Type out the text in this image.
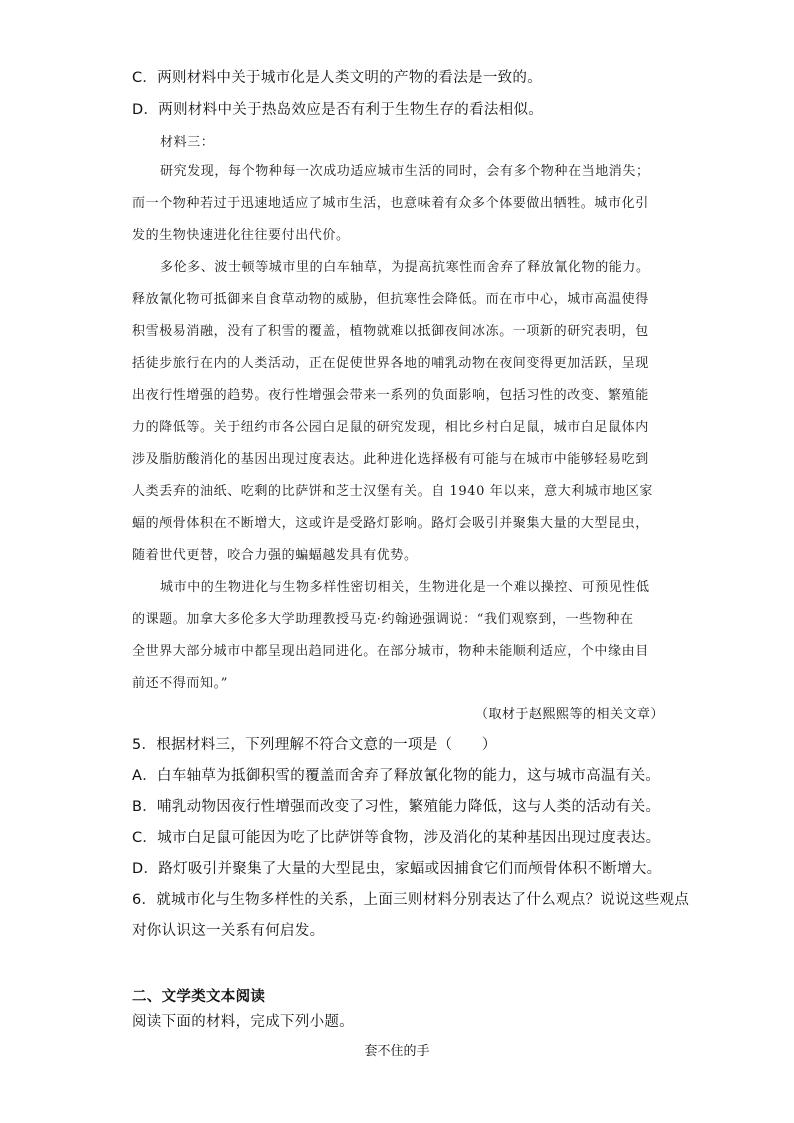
C．两则材料中关于城市化是人类文明的产物的看法是一致的。
D．两则材料中关于热岛效应是否有利于生物生存的看法相似。
材料三：
研究发现，每个物种每一次成功适应城市生活的同时，会有多个物种在当地消失；
而一个物种若过于迅速地适应了城市生活，也意味着有众多个体要做出牺牲。城市化引
发的生物快速进化往往要付出代价。
多伦多、波士顿等城市里的白车轴草，为提高抗寒性而舍弃了释放氰化物的能力。
释放氰化物可抵御来自食草动物的威胁，但抗寒性会降低。而在市中心，城市高温使得
积雪极易消融，没有了积雪的覆盖，植物就难以抵御夜间冰冻。一项新的研究表明，包
括徒步旅行在内的人类活动，正在促使世界各地的哺乳动物在夜间变得更加活跃，呈现
出夜行性增强的趋势。夜行性增强会带来一系列的负面影响，包括习性的改变、繁殖能
力的降低等。关于纽约市各公园白足鼠的研究发现，相比乡村白足鼠，城市白足鼠体内
涉及脂肪酸消化的基因出现过度表达。此种进化选择极有可能与在城市中能够轻易吃到
人类丢弃的油纸、吃剩的比萨饼和芝士汉堡有关。自 1940 年以来，意大利城市地区家
蝠的颅骨体积在不断增大，这或许是受路灯影响。路灯会吸引并聚集大量的大型昆虫，
随着世代更替，咬合力强的蝙蝠越发具有优势。
城市中的生物进化与生物多样性密切相关，生物进化是一个难以操控、可预见性低
的课题。加拿大多伦多大学助理教授马克·约翰逊强调说：“我们观察到，一些物种在
全世界大部分城市中都呈现出趋同进化。在部分城市，物种未能顺利适应，个中缘由目
前还不得而知。”
（取材于赵熙熙等的相关文章）
5．根据材料三，下列理解不符合文意的一项是（　　）
A．白车轴草为抵御积雪的覆盖而舍弃了释放氰化物的能力，这与城市高温有关。
B．哺乳动物因夜行性增强而改变了习性，繁殖能力降低，这与人类的活动有关。
C．城市白足鼠可能因为吃了比萨饼等食物，涉及消化的某种基因出现过度表达。
D．路灯吸引并聚集了大量的大型昆虫，家蝠或因捕食它们而颅骨体积不断增大。
6．就城市化与生物多样性的关系，上面三则材料分别表达了什么观点？说说这些观点
对你认识这一关系有何启发。
二、文学类文本阅读
阅读下面的材料，完成下列小题。
套不住的手
